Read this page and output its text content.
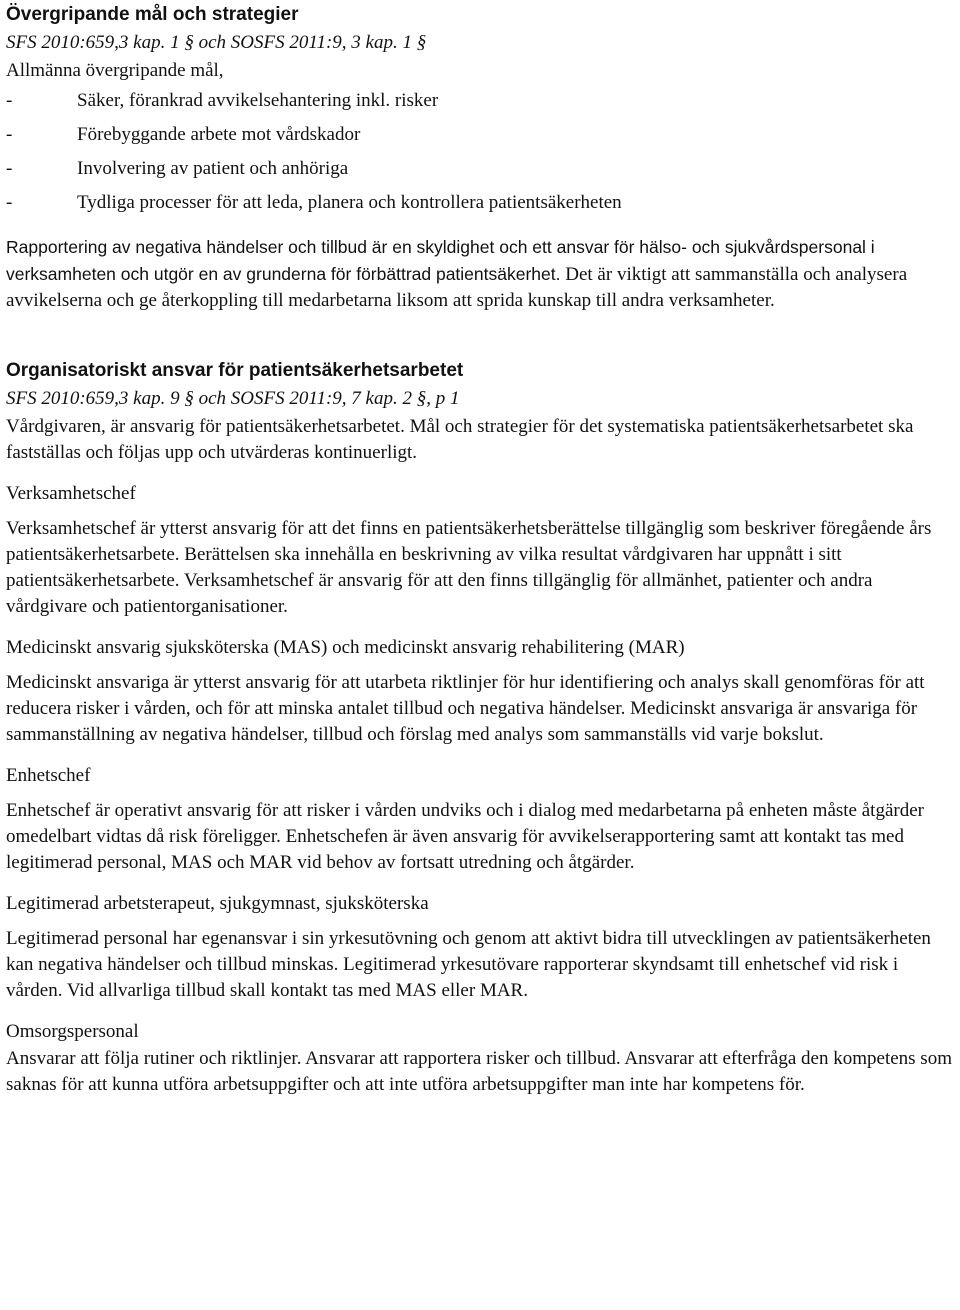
Övergripande mål och strategier
SFS 2010:659,3 kap. 1 § och SOSFS 2011:9, 3 kap. 1 §
Allmänna övergripande mål,
-	Säker, förankrad avvikelsehantering inkl. risker
-	Förebyggande arbete mot vårdskador
-	Involvering av patient och anhöriga
-	Tydliga processer för att leda, planera och kontrollera patientsäkerheten

Rapportering av negativa händelser och tillbud är en skyldighet och ett ansvar för hälso- och sjukvårdspersonal i verksamheten och utgör en av grunderna för förbättrad patientsäkerhet. Det är viktigt att sammanställa och analysera avvikelserna och ge återkoppling till medarbetarna liksom att sprida kunskap till andra verksamheter.

Organisatoriskt ansvar för patientsäkerhetsarbetet
SFS 2010:659,3 kap. 9 § och SOSFS 2011:9, 7 kap. 2 §, p 1

Vårdgivaren, är ansvarig för patientsäkerhetsarbetet. Mål och strategier för det systematiska patientsäkerhetsarbetet ska fastställas och följas upp och utvärderas kontinuerligt.

Verksamhetschef

Verksamhetschef är ytterst ansvarig för att det finns en patientsäkerhetsberättelse tillgänglig som beskriver föregående års patientsäkerhetsarbete. Berättelsen ska innehålla en beskrivning av vilka resultat vårdgivaren har uppnått i sitt patientsäkerhetsarbete. Verksamhetschef är ansvarig för att den finns tillgänglig för allmänhet, patienter och andra vårdgivare och patientorganisationer.

Medicinskt ansvarig sjuksköterska (MAS) och medicinskt ansvarig rehabilitering (MAR)

Medicinskt ansvariga är ytterst ansvarig för att utarbeta riktlinjer för hur identifiering och analys skall genomföras för att reducera risker i vården, och för att minska antalet tillbud och negativa händelser. Medicinskt ansvariga är ansvariga för sammanställning av negativa händelser, tillbud och förslag med analys som sammanställs vid varje bokslut.

Enhetschef

Enhetschef är operativt ansvarig för att risker i vården undviks och i dialog med medarbetarna på enheten måste åtgärder omedelbart vidtas då risk föreligger. Enhetschefen är även ansvarig för avvikelserapportering samt att kontakt tas med legitimerad personal, MAS och MAR vid behov av fortsatt utredning och åtgärder.

Legitimerad arbetsterapeut, sjukgymnast, sjuksköterska

Legitimerad personal har egenansvar i sin yrkesutövning och genom att aktivt bidra till utvecklingen av patientsäkerheten kan negativa händelser och tillbud minskas. Legitimerad yrkesutövare rapporterar skyndsamt till enhetschef vid risk i vården. Vid allvarliga tillbud skall kontakt tas med MAS eller MAR.

Omsorgspersonal

Ansvarar att följa rutiner och riktlinjer. Ansvarar att rapportera risker och tillbud. Ansvarar att efterfråga den kompetens som saknas för att kunna utföra arbetsuppgifter och att inte utföra arbetsuppgifter man inte har kompetens för.
